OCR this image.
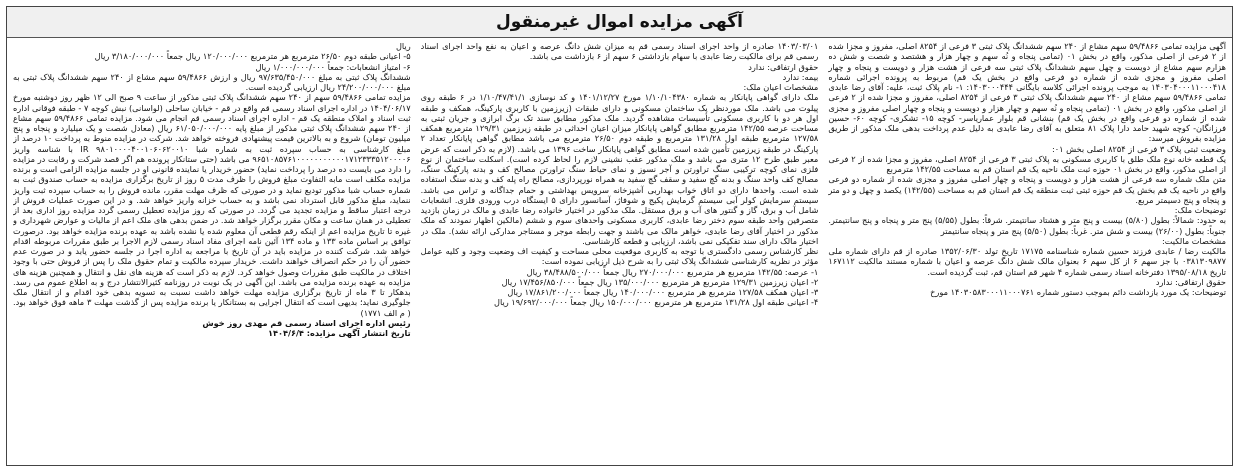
آگهی مزایده اموال غیرمنقول

آگهی مزایده تمامی ۵۹/۴۸۶۶ سهم مشاع از ۲۴۰ سهم ششدانگ پلاک ثبتی ۳ فرعی از ۸۲۵۴ اصلی، مفروز و مجزا شده از ۲ فرعی از اصلی مذکور، واقع در بخش ۰۱ (تمامی پنجاه و نُه سهم و چهار هزار و هشتصد و شصت و شش ده هزارم سهم مشاع از دویست و چهل سهم ششدانگ پلاک ثبتی سه فرعی از هشت هزار و دویست و پنجاه و چهار اصلی مفروز و مجزی شده از شماره دو فرعی واقع در بخش یک قم) مربوط به پرونده اجرائی شماره ۱۴۰۳۰۴۰۰۰۱۱۰۰۰۴۱۸ به موجب پرونده اجرائی کلاسه بایگانی ۱۴۰۳۰۰۰۴۴۴: ۱- نام پلاک ثبت، علیه: آقای رضا عابدی تمامی ۵۹/۴۸۶۶ سهم مشاع از ۲۴۰ سهم ششدانگ پلاک ثبتی ۳ فرعی از ۸۲۵۴ اصلی، مفروز و مجزا شده از ۲ فرعی از اصلی مذکور، واقع در بخش ۰۱ (تمامی پنجاه و نُه سهم و چهار هزار و دویست و پنجاه و چهار اصلی مفروز و مجزی شده از شماره دو فرعی واقع در بخش یک قم) بنشانی قم بلوار عماریاسر- کوچه ۱۵- تشکری- کوچه ۶۰- حسین فرزانگان- کوچه شهید حامد دارا پلاک ۸۱ متعلق به آقای رضا عابدی به دلیل عدم پرداخت بدهی ملک مذکور از طریق مزایده بفروش میرسد:

وضعیت ثبتی پلاک ۳ فرعی از ۸۲۵۴ اصلی بخش ۰۱:

یک قطعه خانه نوع ملک طلق با کاربری مسکونی به پلاک ثبتی ۳ فرعی از ۸۲۵۴ اصلی، مفروز و مجزا شده از ۲ فرعی از اصلی مذکور، واقع در بخش ۰۱ حوزه ثبت ملک ناحیه یک قم استان قم به مساحت ۱۴۲/۵۵ مترمربع

متن ملک شماره سه فرعی از هشت هزار و دویست و پنجاه و چهار اصلی مفروز و مجزی شده از شماره دو فرعی واقع در ناحیه یک قم بخش یک قم حوزه ثبتی ثبت منطقه یک قم استان قم به مساحت (۱۴۲/۵۵) یکصد و چهل و دو متر و پنجاه و پنج دسیمتر مربع.

توضیحات ملک:

به حدود: شمالاً: بطول (۵/۸۰) بیست و پنج متر و هشتاد سانتیمتر. شرقاً: بطول (۵/۵۵) پنج متر و پنجاه و پنج سانتیمتر. جنوباً: بطول (۲۶/۰۰) بیست و شش متر. غرباً: بطول (۵/۵۰) پنج متر و پنجاه سانتیمتر

مشخصات مالکیت:

مالکیت رضا / عابدی فرزند حسین شماره شناسنامه ۱۷۱۷۵ تاریخ تولد ۱۳۵۲/۰۶/۳۰ صادره از قم دارای شماره ملی ۰۳۸۱۳۰۹۸۷۷ با جز سهم ۶ از کل سهم ۶ بعنوان مالک شش دانگ عرصه و اعیان با شماره مستند مالکیت ۱۶۷۱۱۲ تاریخ ۱۳۹۵/۰۸/۱۸ دفترخانه اسناد رسمی شماره ۴ شهر قم استان قم، ثبت گردیده است.

حقوق ارتفاقی: ندارد

توضیحات: یک مورد بازداشت دائم بموجب دستور شماره ۱۴۰۳۰۵۸۳۰۰۰۱۱۰۰۰۷۶۱ مورخ

۱۴۰۳/۰۳/۰۱ صادره از واحد اجرای اسناد رسمی قم به میزان شش دانگ عرصه و اعیان به نفع واحد اجرای اسناد رسمی قم برای مالکیت رضا عابدی با سهام بازداشتی ۶ سهم از ۶ بازداشت می باشد.

حقوق ارتفاقی: ندارد

بیمه: ندارد

مشخصات اعیان ملک:

ملک دارای گواهی پایانکار به شماره ۱/۱۰/۱۰۴۳۸۰ مورخ ۱۴۰۱/۱۲/۲۷ و کد نوسازی ۱/۱۰/۴۷/۴۱/۱ در ۶ طبقه روی پیلوت می باشد. ملک موردنظر یک ساختمان مسکونی و دارای طبقات (زیرزمین با کاربری پارکینگ، همکف و طبقه اول هر دو با کاربری مسکونی تأسیسات مشاهده گردید. ملک مذکور مطابق سند تک برگ ابرازی و جریان ثبتی به مساحت عرصه ۱۴۲/۵۵ مترمربع مطابق گواهی پایانکار میزان اعیان احداثی در طبقه زیرزمین ۱۲۹/۳۱ مترمربع همکف ۱۲۷/۵۸ مترمربع طبقه اول ۱۳۱/۲۸ مترمربع و طبقه دوم ۲۶/۵۰ مترمربع می باشد مطابق گواهی پایانکار تعداد ۲ پارکینگ در طبقه زیرزمین تأمین شده است مطابق گواهی پایانکار ساخت ۱۳۹۶ می باشد. (لازم به ذکر است که عرض معبر طبق طرح ۱۲ متری می باشد و ملک مذکور عقب نشینی لازم را لحاظ کرده است). اسکلت ساختمان از نوع فلزی نمای کوچه ترکیبی سنگ تراورتن و آجر نسوز و نمای حیاط سنگ تراورتن مصالح کف و بدنه پارکینگ سنگ، مصالح کف واحد سنگ و بدنه گچ سفید و سقف گچ سفید به همراه نورپردازی، مصالح راه پله کف و بدنه سنگ استفاده شده است. واحدها دارای دو اتاق خواب بهداربی آشپزخانه سرویس بهداشتی و حمام جداگانه و تراس می باشد. سیستم سرمایش کولر آبی سیستم گرمایش پکیج و شوفاژ، آسانسور دارای ۵ ایستگاه درب ورودی فلزی. انشعابات شامل آب و برق، گاز و گنتور های آب و برق مستقل. ملک مذکور در اختیار خانواده رضا عابدی و مالک در زمان بازدید متصرفین واحد طبقه سوم دختر رضا عابدی، کاربری مسکونی واحدهای سوم و ششم (مالکین اظهار نمودند که ملک مذکور در اختیار آقای رضا عابدی، خواهر مالک می باشند و جهت رابطه موجر و مستاجر مدارکی ارائه نشد). ملک در اختیار مالک دارای سند تفکیکی نمی باشد، ارزیابی و قطعه کارشناسی.

نظر کارشناس رسمی دادگستری با توجه به کاربری موقعیت محلی مساحت و کیفیت اف وضعیت وجود و کلیه عوامل مؤثر در نظریه کارشناسی ششدانگ پلاک ثبتی را به شرح ذیل ارزیابی نموده است:

۱- عرصه: ۱۴۲/۵۵ مترمربع هر مترمربع ۲۷۰/۰۰۰/۰۰۰ ریال جمعاً ۳۸/۴۸۸/۵۰۰/۰۰۰ ریال

۲- اعیان زیرزمین ۱۲۹/۳۱ مترمربع هر مترمربع ۱۳۵/۰۰۰/۰۰۰ ریال جمعاً ۱۷/۴۵۶/۸۵۰/۰۰۰ ریال

۳- اعیان همکف ۱۲۷/۵۸ مترمربع هر مترمربع ۱۴۰/۰۰۰/۰۰۰ ریال جمعاً ۱۷/۸۶۱/۲۰۰/۰۰۰ ریال

۴- اعیانی طبقه اول ۱۳۱/۲۸ مترمربع هر مترمربع ۱۵۰/۰۰۰/۰۰۰ ریال جمعاً ۱۹/۶۹۲/۰۰۰/۰۰۰ ریال

ریال

۵- اعیانی طبقه دوم ۲۶/۵۰ مترمربع هر مترمربع ۱۲۰/۰۰۰/۰۰۰ ریال جمعاً ۳/۱۸۰/۰۰۰/۰۰۰ ریال

۶- امتیاز انشعابات: جمعاً ۱/۰۰۰/۰۰۰/۰۰۰ ریال

ششدانگ پلاک ثبتی به مبلغ ۹۷/۶۳۵/۴۵۰/۰۰۰ ریال و ارزش ۵۹/۴۸۶۶ سهم مشاع از ۲۴۰ سهم ششدانگ پلاک ثبتی به مبلغ ۲۴/۲۰۰/۰۰۰/۰۰۰ ریال ارزیابی گردیده است.

مزایده تمامی ۵۹/۴۸۶۶ سهم از ۲۴۰ سهم ششدانگ پلاک ثبتی مذکور از ساعت ۹ صبح الی ۱۲ ظهر روز دوشنبه مورخ ۱۴۰۴/۰۶/۱۷ در اداره اجرای اسناد رسمی قم واقع در قم - خیابان ساحلی (لواسانی) نبش کوچه ۷ - طبقه فوقانی اداره ثبت اسناد و املاک منطقه یک قم - اداره اجرای اسناد رسمی قم انجام می شود. مزایده تمامی ۵۹/۴۸۶۶ سهم مشاع از ۲۴۰ سهم ششدانگ پلاک ثبتی مذکور از مبلغ پایه ۶۱/۰۵۰/۰۰۰/۰۰۰ ریال (معادل شصت و یک میلیارد و پنجاه و پنج میلیون تومان) شروع و به بالاترین قیمت پیشنهادی فروخته خواهد شد. شرکت در مزایده منوط به پرداخت ۱۰ درصد از مبلغ کارشناسی به حساب سپرده ثبت به شماره شبا IR ۹۸۰۱۰۰۰۰۴۰۰۱۰۶۰۶۲۰۰۱۰ با شناسه واریز ۹۶۵۱۰۸۵۷۶۱۰۰۰۰۰۰۰۰۰۰۰۱۷۱۲۳۳۳۵۱۲۰۰۰۰۶ می باشد (حتی ستانکار پرونده هم اگر قصد شرکت و رقابت در مزایده را دارد می بایست ده درصد را پرداخت نماید) حضور خریدار یا نماینده قانونی او در جلسه مزایده الزامی است و برنده مزایده مکلف است مابه التفاوت مبلغ فروش را ظرف مدت ۵ روز از تاریخ برگزاری مزایده به حساب صندوق ثبت به شماره حساب شبا مذکور تودیع نماید و در صورتی که ظرف مهلت مقرر، مانده فروش را به حساب سپرده ثبت واریز ننماید، مبلغ مذکور قابل استرداد نمی باشد و به حساب خزانه واریز خواهد شد. و در این صورت عملیات فروش از درجه اعتبار ساقط و مزایده تجدید می گردد. در صورتی که روز مزایده تعطیل رسمی گردد مزایده روز اداری بعد از تعطیلی در همان ساعت و مکان مقرر برگزار خواهد شد. در ضمن بدهی های ملک اعم از مالیات و عوارض شهرداری و غیره تا تاریخ مزایده اعم از اینکه رقم قطعی آن معلوم شده یا نشده باشد به عهده برنده مزایده خواهد بود. درصورت توافق بر اساس ماده ۱۳۳ و ماده ۱۳۴ آئین نامه اجرای مفاد اسناد رسمی لازم الاجرا بر طبق مقررات مربوطه اقدام خواهد شد. شرکت کننده در مزایده باید در آن تاریخ با مراجعه به اداره اجرا در جلسه حضور یابد و در صورت عدم حضور آن را در حکم انصراف خواهند داشت. خریدار سپرده مالکیت و تمام حقوق ملک را پس از فروش حتی با وجود اختلاف در مالکیت طبق مقررات وصول خواهد کرد. لازم به ذکر است که هزینه های نقل و انتقال و همچنین هزینه های مزایده به عهده برنده مزایده می باشد. این آگهی در یک نوبت در روزنامه کثیرالانتشار درج و به اطلاع عموم می رسد. بدهکار تا ۳ ماه از تاریخ برگزاری مزایده مهلت خواهد داشت نسبت به تسویه بدهی خود اقدام و از انتقال ملک جلوگیری نماید؛ بدیهی است که انتقال اجرایی به بستانکار یا برنده مزایده پس از گذشت مهلت ۳ ماهه فوق خواهد بود. ( م الف ۱۷۷۱)

رئیس اداره اجرای اسناد رسمی قم مهدی روز خوش

تاریخ انتشار آگهی مزایده: ۱۴۰۴/۶/۴
